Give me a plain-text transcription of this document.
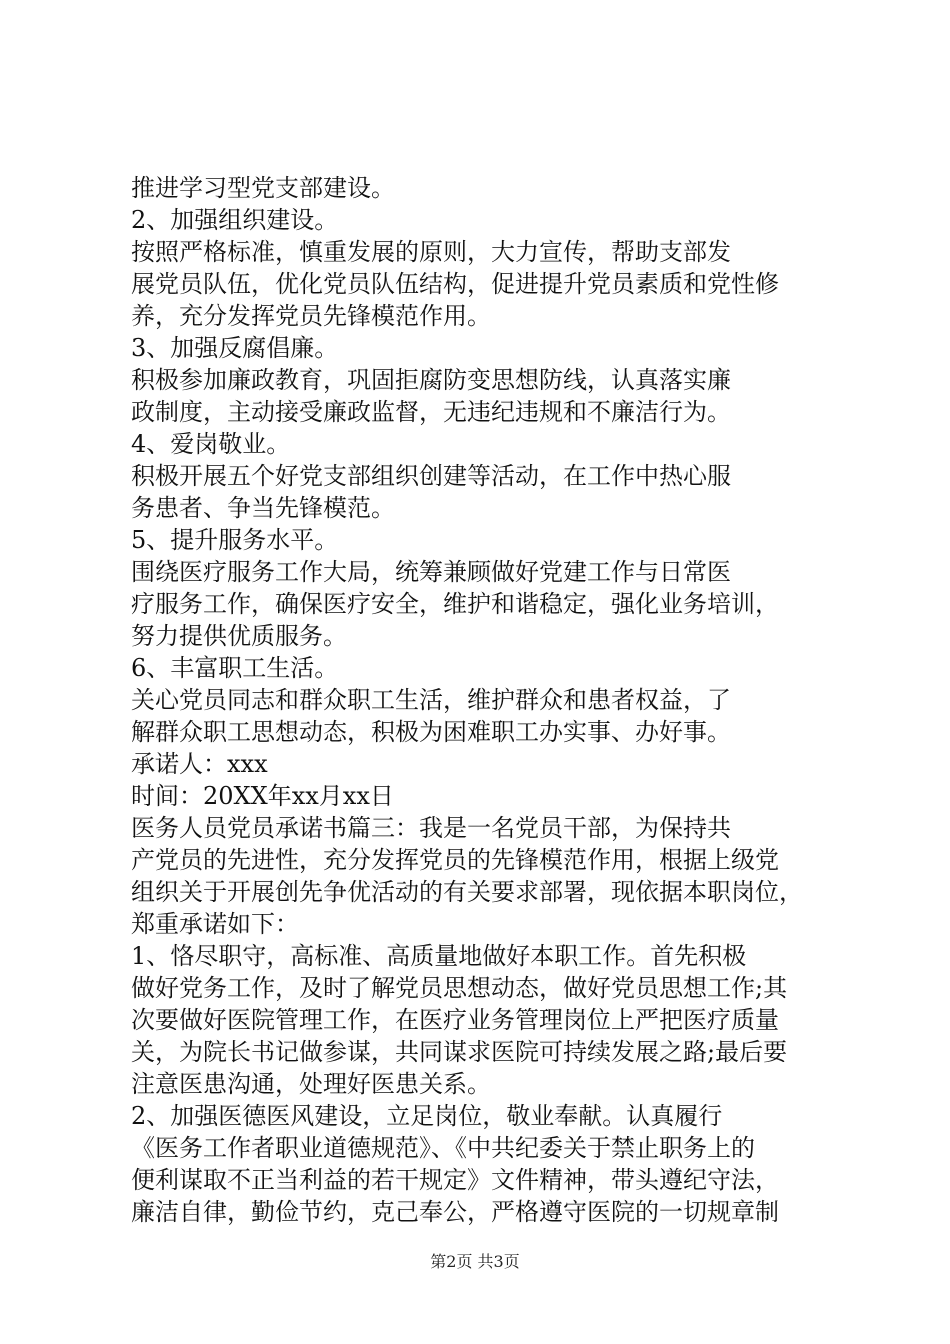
推进学习型党支部建设。
2、加强组织建设。
按照严格标准，慎重发展的原则，大力宣传，帮助支部发
展党员队伍，优化党员队伍结构，促进提升党员素质和党性修
养，充分发挥党员先锋模范作用。
3、加强反腐倡廉。
积极参加廉政教育，巩固拒腐防变思想防线，认真落实廉
政制度，主动接受廉政监督，无违纪违规和不廉洁行为。
4、爱岗敬业。
积极开展五个好党支部组织创建等活动，在工作中热心服
务患者、争当先锋模范。
5、提升服务水平。
围绕医疗服务工作大局，统筹兼顾做好党建工作与日常医
疗服务工作，确保医疗安全，维护和谐稳定，强化业务培训，
努力提供优质服务。
6、丰富职工生活。
关心党员同志和群众职工生活，维护群众和患者权益，了
解群众职工思想动态，积极为困难职工办实事、办好事。
承诺人：xxx
时间：20XX年xx月xx日
医务人员党员承诺书篇三：我是一名党员干部，为保持共
产党员的先进性，充分发挥党员的先锋模范作用，根据上级党
组织关于开展创先争优活动的有关要求部署，现依据本职岗位，
郑重承诺如下：
1、恪尽职守，高标准、高质量地做好本职工作。首先积极
做好党务工作，及时了解党员思想动态，做好党员思想工作;其
次要做好医院管理工作，在医疗业务管理岗位上严把医疗质量
关，为院长书记做参谋，共同谋求医院可持续发展之路;最后要
注意医患沟通，处理好医患关系。
2、加强医德医风建设，立足岗位，敬业奉献。认真履行
《医务工作者职业道德规范》、《中共纪委关于禁止职务上的
便利谋取不正当利益的若干规定》文件精神，带头遵纪守法，
廉洁自律，勤俭节约，克己奉公，严格遵守医院的一切规章制
第2页 共3页
